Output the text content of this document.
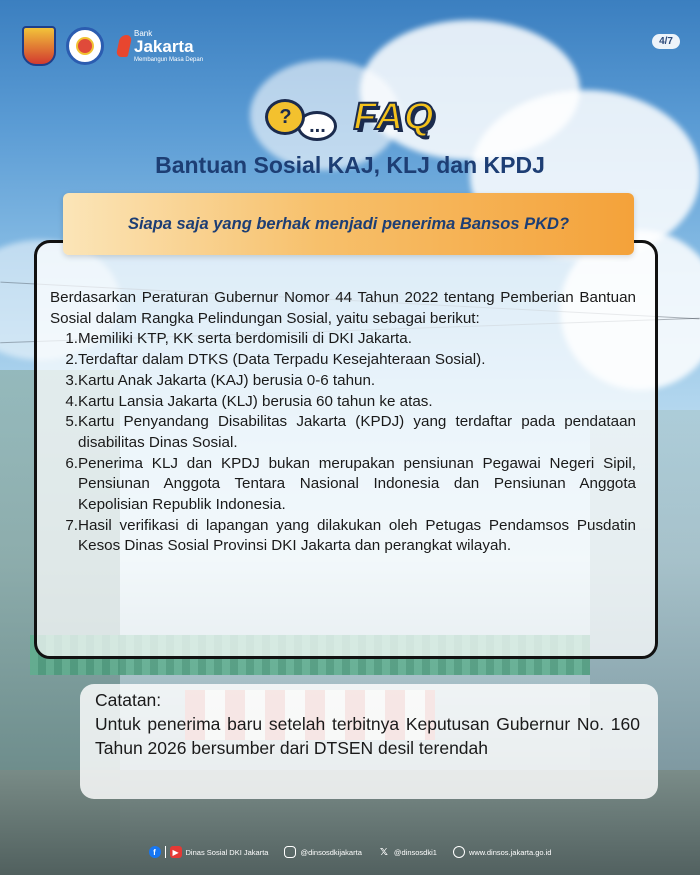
Bank
Jakarta
Membangun Masa Depan
4/7
? ... FAQ
Bantuan Sosial KAJ, KLJ dan KPDJ
Siapa saja yang berhak menjadi penerima Bansos PKD?

Berdasarkan Peraturan Gubernur Nomor 44 Tahun 2022 tentang Pemberian Bantuan Sosial dalam Rangka Pelindungan Sosial, yaitu sebagai berikut:

1. Memiliki KTP, KK serta berdomisili di DKI Jakarta.
2. Terdaftar dalam DTKS (Data Terpadu Kesejahteraan Sosial).
3. Kartu Anak Jakarta (KAJ) berusia 0-6 tahun.
4. Kartu Lansia Jakarta (KLJ) berusia 60 tahun ke atas.
5. Kartu Penyandang Disabilitas Jakarta (KPDJ) yang terdaftar pada pendataan disabilitas Dinas Sosial.
6. Penerima KLJ dan KPDJ bukan merupakan pensiunan Pegawai Negeri Sipil, Pensiunan Anggota Tentara Nasional Indonesia dan Pensiunan Anggota Kepolisian Republik Indonesia.
7. Hasil verifikasi di lapangan yang dilakukan oleh Petugas Pendamsos Pusdatin Kesos Dinas Sosial Provinsi DKI Jakarta dan perangkat wilayah.
Catatan:
Untuk penerima baru setelah terbitnya Keputusan Gubernur No. 160 Tahun 2026 bersumber dari DTSEN desil terendah
f	▶ Dinas Sosial DKI Jakarta	@dinsosdkijakarta 𝕏 @dinsosdki1	www.dinsos.jakarta.go.id
